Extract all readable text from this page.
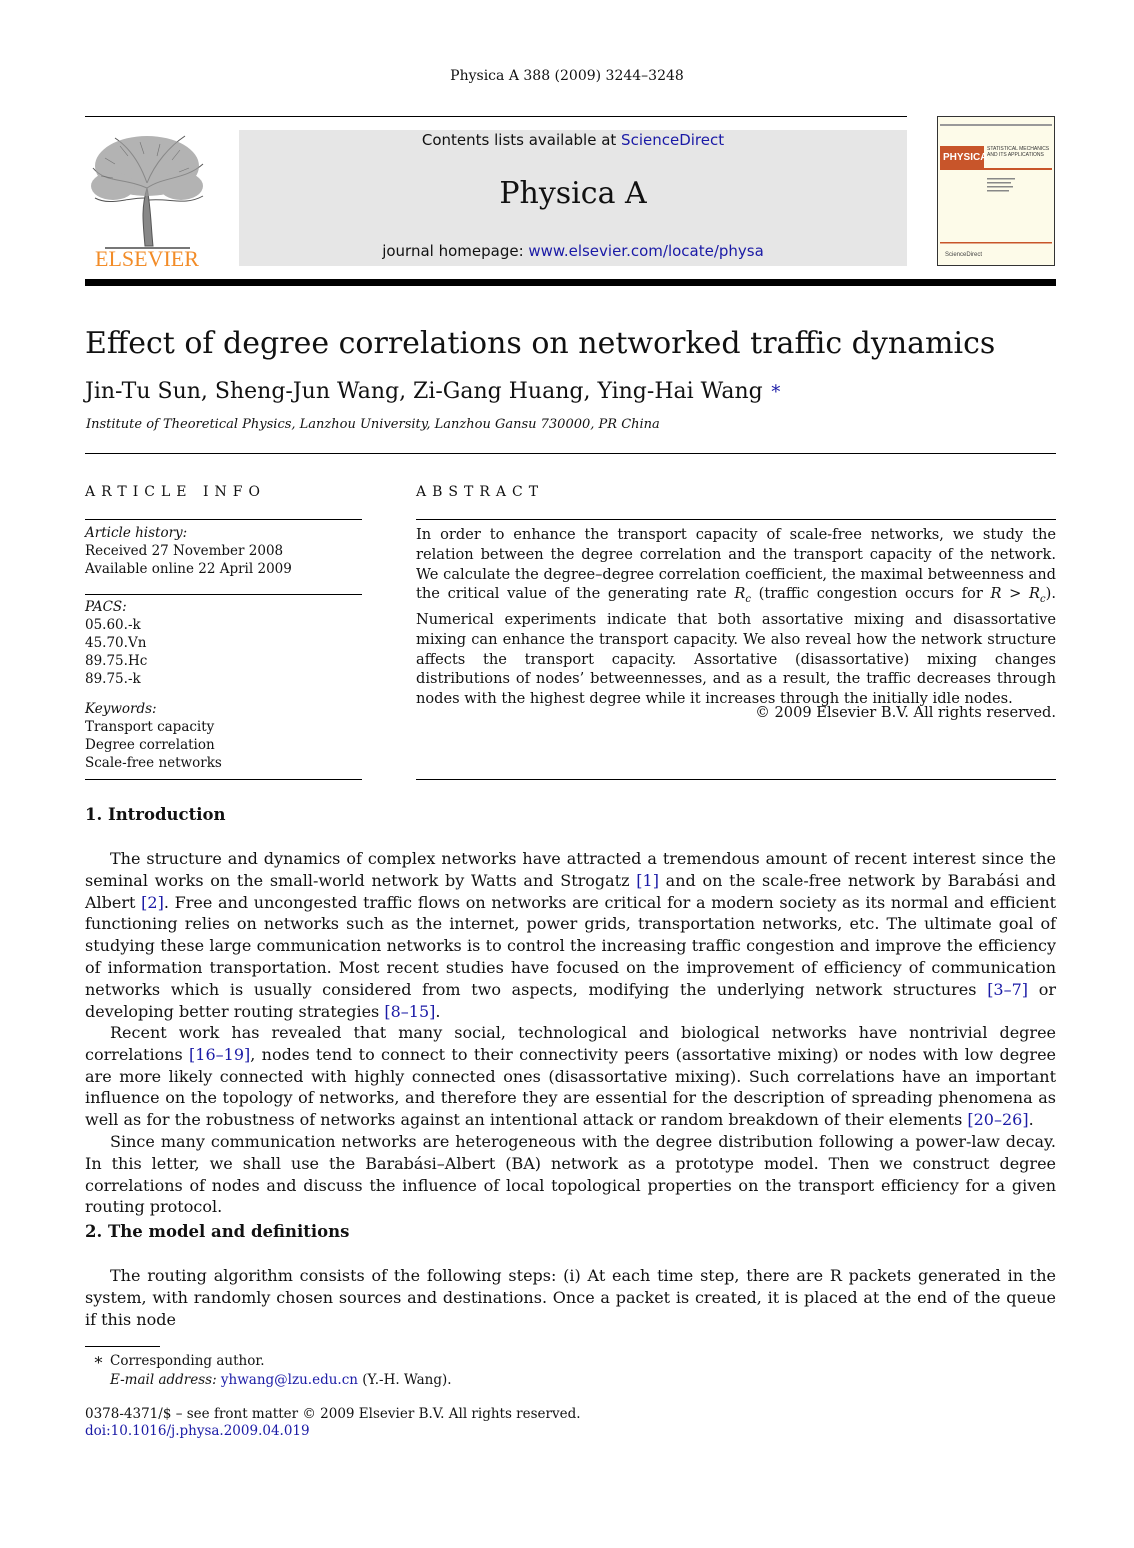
Physica A 388 (2009) 3244–3248
ELSEVIER
Contents lists available at ScienceDirect
Physica A
journal homepage: www.elsevier.com/locate/physa
PHYSICA
STATISTICAL MECHANICS AND ITS APPLICATIONS
ScienceDirect
Effect of degree correlations on networked traffic dynamics
Jin-Tu Sun, Sheng-Jun Wang, Zi-Gang Huang, Ying-Hai Wang ∗
Institute of Theoretical Physics, Lanzhou University, Lanzhou Gansu 730000, PR China
ARTICLE INFO
Article history:
Received 27 November 2008
Available online 22 April 2009
PACS:
05.60.-k
45.70.Vn
89.75.Hc
89.75.-k
Keywords:
Transport capacity
Degree correlation
Scale-free networks
ABSTRACT
In order to enhance the transport capacity of scale-free networks, we study the relation between the degree correlation and the transport capacity of the network. We calculate the degree–degree correlation coefficient, the maximal betweenness and the critical value of the generating rate $R_c$ (traffic congestion occurs for $R > R_c$). Numerical experiments indicate that both assortative mixing and disassortative mixing can enhance the transport capacity. We also reveal how the network structure affects the transport capacity. Assortative (disassortative) mixing changes distributions of nodes’ betweennesses, and as a result, the traffic decreases through nodes with the highest degree while it increases through the initially idle nodes.
© 2009 Elsevier B.V. All rights reserved.
1. Introduction

The structure and dynamics of complex networks have attracted a tremendous amount of recent interest since the seminal works on the small-world network by Watts and Strogatz [1] and on the scale-free network by Barabási and Albert [2]. Free and uncongested traffic flows on networks are critical for a modern society as its normal and efficient functioning relies on networks such as the internet, power grids, transportation networks, etc. The ultimate goal of studying these large communication networks is to control the increasing traffic congestion and improve the efficiency of information transportation. Most recent studies have focused on the improvement of efficiency of communication networks which is usually considered from two aspects, modifying the underlying network structures [3–7] or developing better routing strategies [8–15].

Recent work has revealed that many social, technological and biological networks have nontrivial degree correlations [16–19], nodes tend to connect to their connectivity peers (assortative mixing) or nodes with low degree are more likely connected with highly connected ones (disassortative mixing). Such correlations have an important influence on the topology of networks, and therefore they are essential for the description of spreading phenomena as well as for the robustness of networks against an intentional attack or random breakdown of their elements [20–26].

Since many communication networks are heterogeneous with the degree distribution following a power-law decay. In this letter, we shall use the Barabási–Albert (BA) network as a prototype model. Then we construct degree correlations of nodes and discuss the influence of local topological properties on the transport efficiency for a given routing protocol.

2. The model and definitions

The routing algorithm consists of the following steps: (i) At each time step, there are R packets generated in the system, with randomly chosen sources and destinations. Once a packet is created, it is placed at the end of the queue if this node

∗ Corresponding author.
E-mail address: yhwang@lzu.edu.cn (Y.-H. Wang).
0378-4371/$ – see front matter © 2009 Elsevier B.V. All rights reserved.
doi:10.1016/j.physa.2009.04.019
